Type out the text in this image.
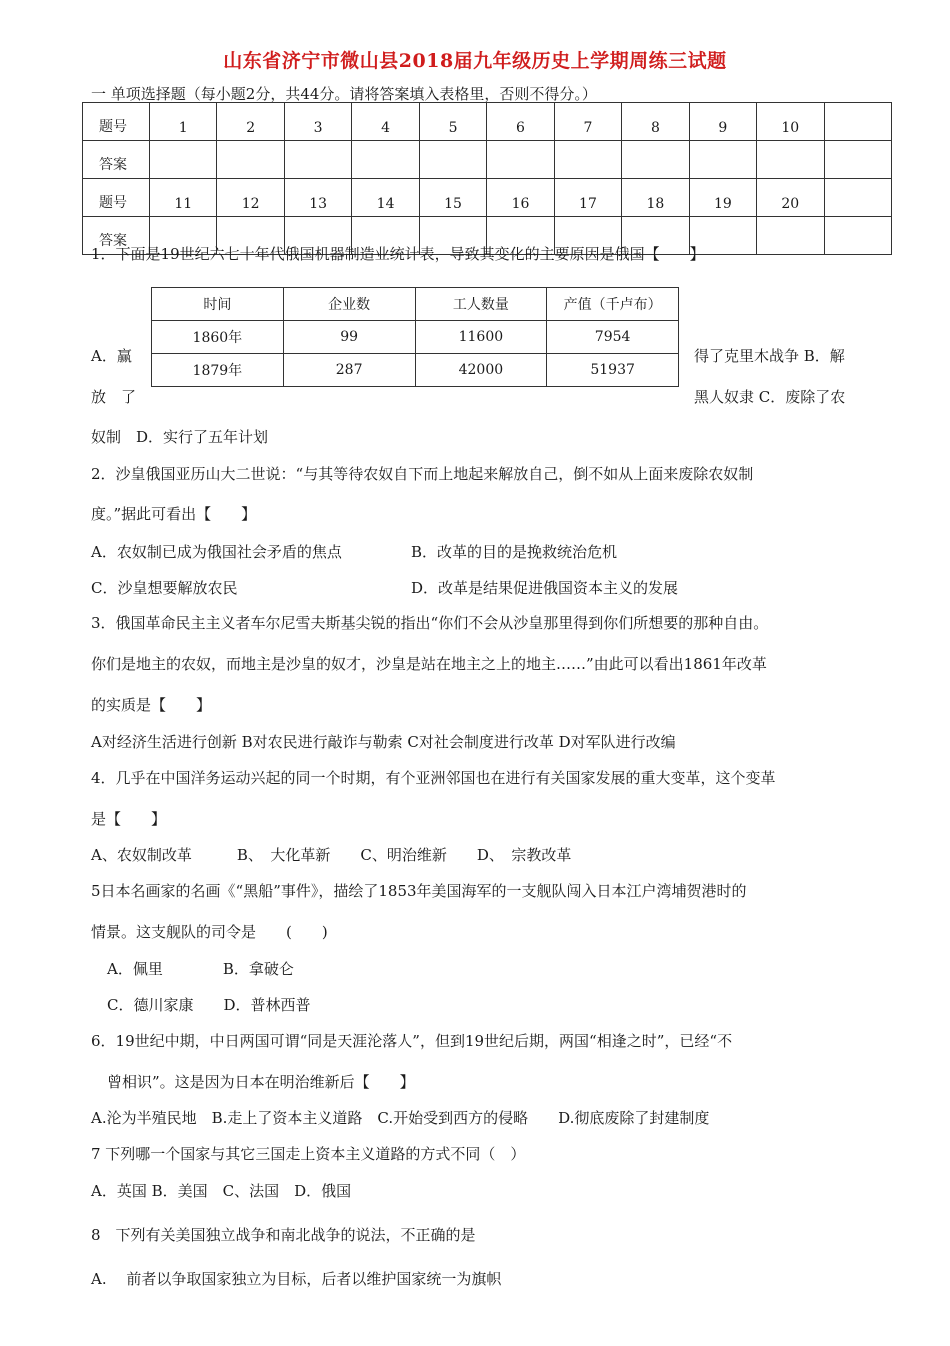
山东省济宁市微山县2018届九年级历史上学期周练三试题
一 单项选择题（每小题2分，共44分。请将答案填入表格里，否则不得分。）
题号	1	2	3	4	5	6	7	8	9	10	
答案											
题号	11	12	13	14	15	16	17	18	19	20	
答案											
1．下面是19世纪六七十年代俄国机器制造业统计表，导致其变化的主要原因是俄国【　　】
时间	企业数	工人数量	产值（千卢布）
1860年	99	11600	7954
1879年	287	42000	51937
A．赢
放　了
得了克里木战争 B．解
黑人奴隶 C．废除了农
奴制　D．实行了五年计划
2．沙皇俄国亚历山大二世说：“与其等待农奴自下而上地起来解放自己，倒不如从上面来废除农奴制
度。”据此可看出【　　】
A．农奴制已成为俄国社会矛盾的焦点	B．改革的目的是挽救统治危机
C．沙皇想要解放农民	D．改革是结果促进俄国资本主义的发展
3．俄国革命民主主义者车尔尼雪夫斯基尖锐的指出“你们不会从沙皇那里得到你们所想要的那种自由。
你们是地主的农奴，而地主是沙皇的奴才，沙皇是站在地主之上的地主……”由此可以看出1861年改革
的实质是【　　】
A对经济生活进行创新 B对农民进行敲诈与勒索 C对社会制度进行改革 D对军队进行改编
4．几乎在中国洋务运动兴起的同一个时期，有个亚洲邻国也在进行有关国家发展的重大变革，这个变革
是【　　】
A、农奴制改革　　　B、　大化革新　　C、明治维新　　D、　宗教改革
5日本名画家的名画《“黑船”事件》，描绘了1853年美国海军的一支舰队闯入日本江户湾埔贺港时的
情景。这支舰队的司令是　　(　　)
A．佩里　　　　B．拿破仑
C．德川家康　　D．普林西普
6．19世纪中期，中日两国可谓“同是天涯沦落人”，但到19世纪后期，两国“相逢之时”，已经“不
曾相识”。这是因为日本在明治维新后【　　】
A.沦为半殖民地　B.走上了资本主义道路　C.开始受到西方的侵略　　D.彻底废除了封建制度
7 下列哪一个国家与其它三国走上资本主义道路的方式不同（　）
A．英国 B．美国　C、法国　D．俄国
8　下列有关美国独立战争和南北战争的说法，不正确的是
A.　 前者以争取国家独立为目标，后者以维护国家统一为旗帜
